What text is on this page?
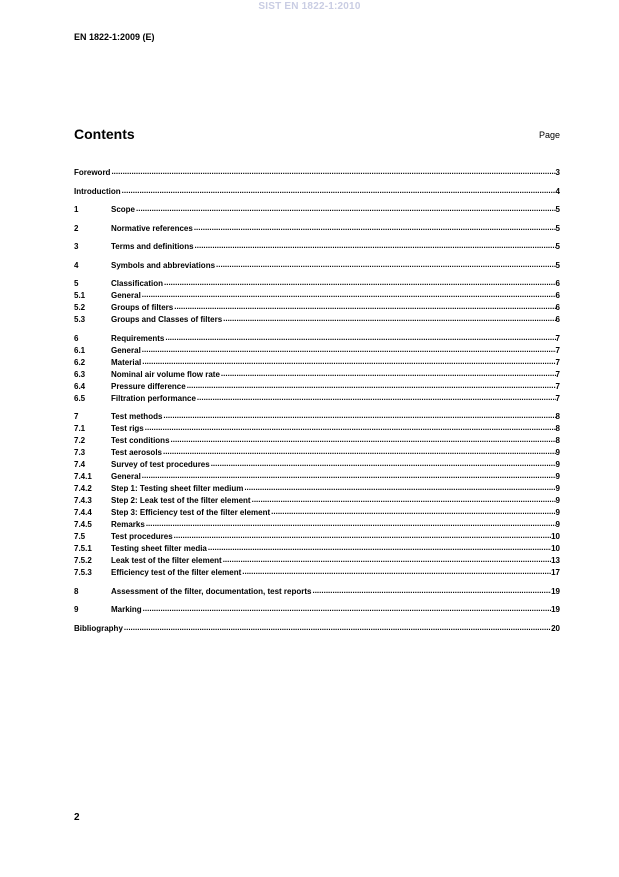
SIST EN 1822-1:2010
EN 1822-1:2009 (E)
Contents	Page
Foreword .....	3
Introduction .....	4
1	Scope .....	5
2	Normative references .....	5
3	Terms and definitions .....	5
4	Symbols and abbreviations .....	5
5	Classification .....	6
5.1	General .....	6
5.2	Groups of filters .....	6
5.3	Groups and Classes of filters .....	6
6	Requirements .....	7
6.1	General .....	7
6.2	Material .....	7
6.3	Nominal air volume flow rate .....	7
6.4	Pressure difference .....	7
6.5	Filtration performance .....	7
7	Test methods .....	8
7.1	Test rigs .....	8
7.2	Test conditions .....	8
7.3	Test aerosols .....	9
7.4	Survey of test procedures .....	9
7.4.1	General .....	9
7.4.2	Step 1: Testing sheet filter medium .....	9
7.4.3	Step 2: Leak test of the filter element .....	9
7.4.4	Step 3: Efficiency test of the filter element .....	9
7.4.5	Remarks .....	9
7.5	Test procedures .....	10
7.5.1	Testing sheet filter media .....	10
7.5.2	Leak test of the filter element .....	13
7.5.3	Efficiency test of the filter element .....	17
8	Assessment of the filter, documentation, test reports .....	19
9	Marking .....	19
Bibliography .....	20
2
